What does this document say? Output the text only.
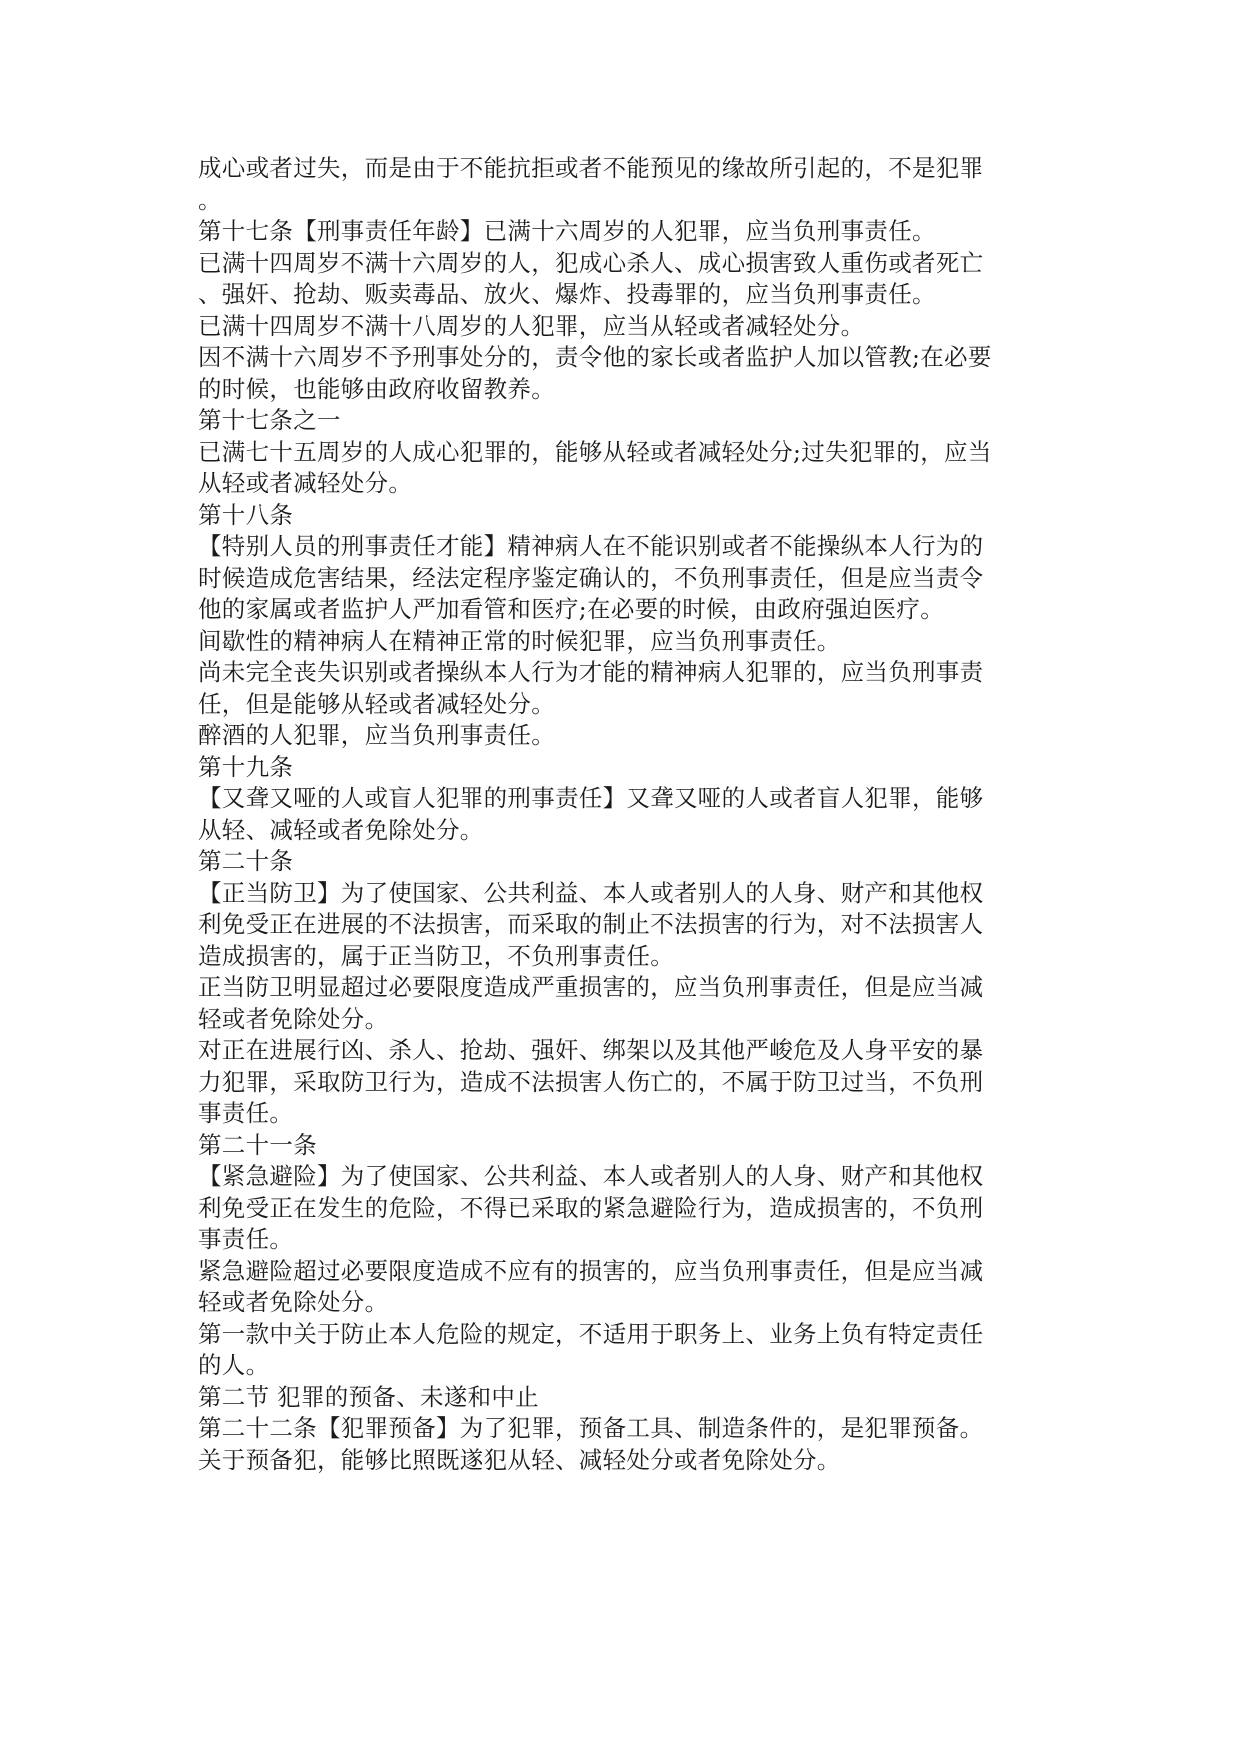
成心或者过失，而是由于不能抗拒或者不能预见的缘故所引起的，不是犯罪
。
第十七条【刑事责任年龄】已满十六周岁的人犯罪，应当负刑事责任。
已满十四周岁不满十六周岁的人，犯成心杀人、成心损害致人重伤或者死亡
、强奸、抢劫、贩卖毒品、放火、爆炸、投毒罪的，应当负刑事责任。
已满十四周岁不满十八周岁的人犯罪，应当从轻或者减轻处分。
因不满十六周岁不予刑事处分的，责令他的家长或者监护人加以管教;在必要
的时候，也能够由政府收留教养。
第十七条之一
已满七十五周岁的人成心犯罪的，能够从轻或者减轻处分;过失犯罪的，应当
从轻或者减轻处分。
第十八条
【特别人员的刑事责任才能】精神病人在不能识别或者不能操纵本人行为的
时候造成危害结果，经法定程序鉴定确认的，不负刑事责任，但是应当责令
他的家属或者监护人严加看管和医疗;在必要的时候，由政府强迫医疗。
间歇性的精神病人在精神正常的时候犯罪，应当负刑事责任。
尚未完全丧失识别或者操纵本人行为才能的精神病人犯罪的，应当负刑事责
任，但是能够从轻或者减轻处分。
醉酒的人犯罪，应当负刑事责任。
第十九条
【又聋又哑的人或盲人犯罪的刑事责任】又聋又哑的人或者盲人犯罪，能够
从轻、减轻或者免除处分。
第二十条
【正当防卫】为了使国家、公共利益、本人或者别人的人身、财产和其他权
利免受正在进展的不法损害，而采取的制止不法损害的行为，对不法损害人
造成损害的，属于正当防卫，不负刑事责任。
正当防卫明显超过必要限度造成严重损害的，应当负刑事责任，但是应当减
轻或者免除处分。
对正在进展行凶、杀人、抢劫、强奸、绑架以及其他严峻危及人身平安的暴
力犯罪，采取防卫行为，造成不法损害人伤亡的，不属于防卫过当，不负刑
事责任。
第二十一条
【紧急避险】为了使国家、公共利益、本人或者别人的人身、财产和其他权
利免受正在发生的危险，不得已采取的紧急避险行为，造成损害的，不负刑
事责任。
紧急避险超过必要限度造成不应有的损害的，应当负刑事责任，但是应当减
轻或者免除处分。
第一款中关于防止本人危险的规定，不适用于职务上、业务上负有特定责任
的人。
第二节 犯罪的预备、未遂和中止
第二十二条【犯罪预备】为了犯罪，预备工具、制造条件的，是犯罪预备。
关于预备犯，能够比照既遂犯从轻、减轻处分或者免除处分。
